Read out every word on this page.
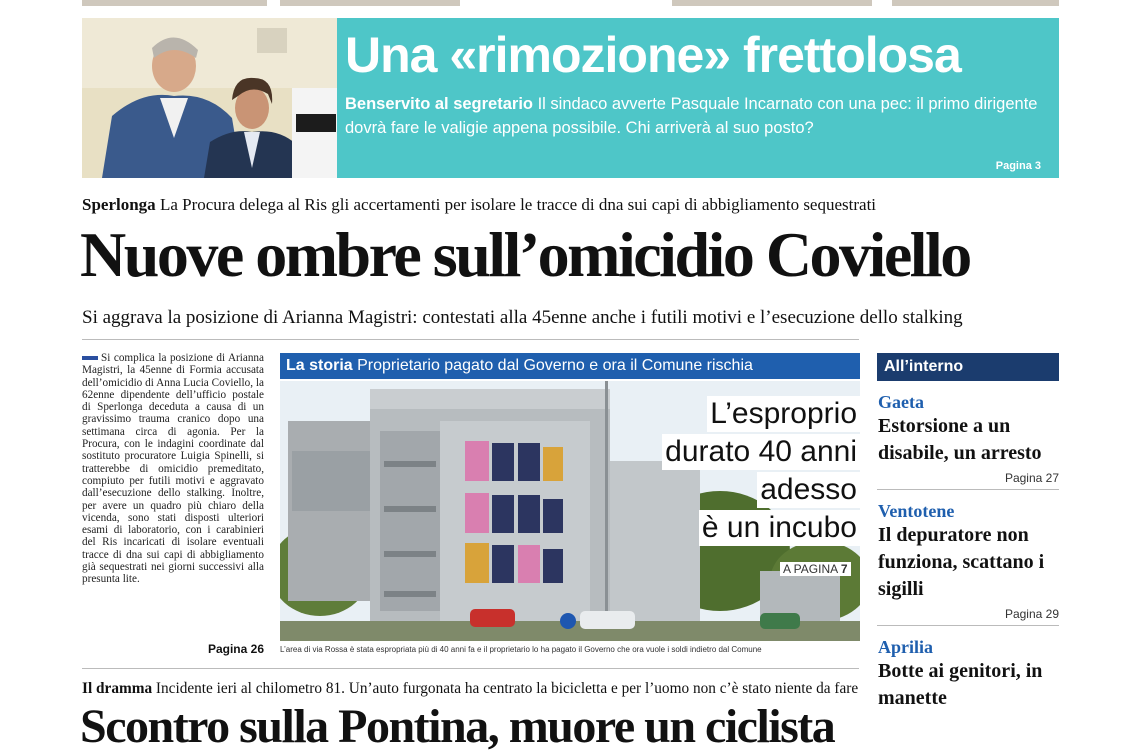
Una «rimozione» frettolosa
Benservito al segretario Il sindaco avverte Pasquale Incarnato con una pec: il primo dirigente dovrà fare le valigie appena possibile. Chi arriverà al suo posto?
Pagina 3
Sperlonga La Procura delega al Ris gli accertamenti per isolare le tracce di dna sui capi di abbigliamento sequestrati
Nuove ombre sull’omicidio Coviello
Si aggrava la posizione di Arianna Magistri: contestati alla 45enne anche i futili motivi e l’esecuzione dello stalking
Si complica la posizione di Arianna Magistri, la 45enne di Formia accusata dell’omicidio di Anna Lucia Coviello, la 62enne dipendente dell’ufficio postale di Sperlonga deceduta a causa di un gravissimo trauma cranico dopo una settimana circa di agonia. Per la Procura, con le indagini coordinate dal sostituto procuratore Luigia Spinelli, si tratterebbe di omicidio premeditato, compiuto per futili motivi e aggravato dall’esecuzione dello stalking. Inoltre, per avere un quadro più chiaro della vicenda, sono stati disposti ulteriori esami di laboratorio, con i carabinieri del Ris incaricati di isolare eventuali tracce di dna sui capi di abbigliamento già sequestrati nei giorni successivi alla presunta lite.
Pagina 26
La storia Proprietario pagato dal Governo e ora il Comune rischia
L’esproprio
durato 40 anni
adesso
è un incubo
A PAGINA 7
L’area di via Rossa è stata espropriata più di 40 anni fa e il proprietario lo ha pagato il Governo che ora vuole i soldi indietro dal Comune
Il dramma Incidente ieri al chilometro 81. Un’auto furgonata ha centrato la bicicletta e per l’uomo non c’è stato niente da fare
Scontro sulla Pontina, muore un ciclista
All’interno
Gaeta
Estorsione a un disabile, un arresto
Pagina 27
Ventotene
Il depuratore non funziona, scattano i sigilli
Pagina 29
Aprilia
Botte ai genitori, in manette
